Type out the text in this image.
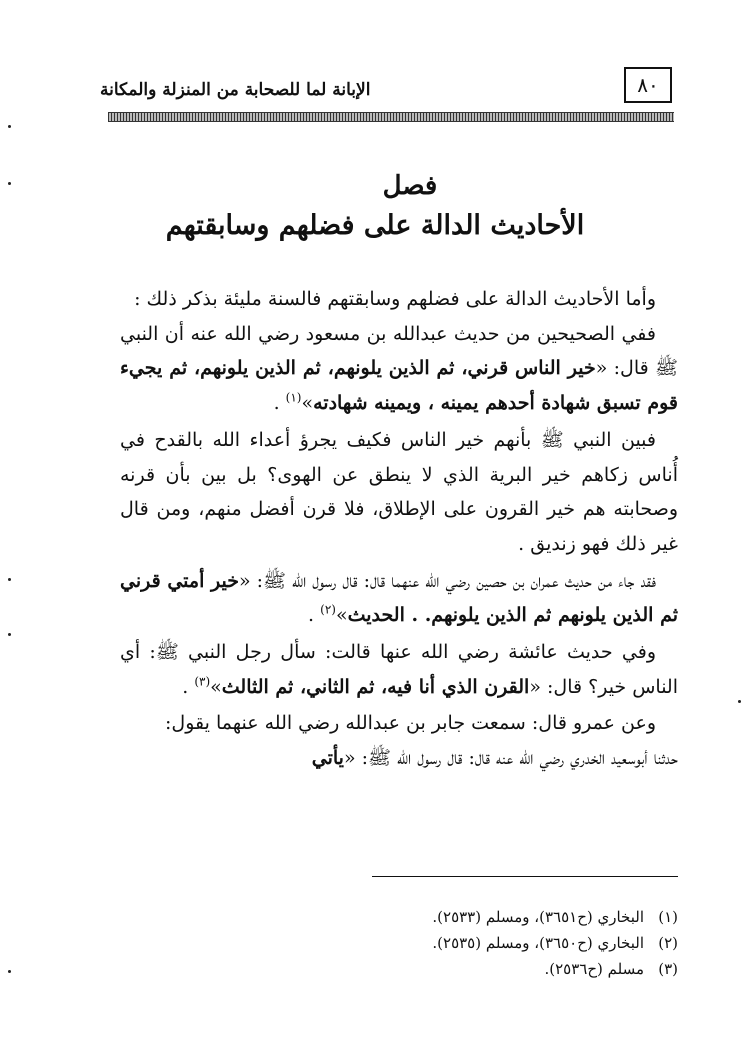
٨٠
الإبانة لما للصحابة من المنزلة والمكانة
فصل
الأحاديث الدالة على فضلهم وسابقتهم

وأما الأحاديث الدالة على فضلهم وسابقتهم فالسنة مليئة بذكر ذلك :

ففي الصحيحين من حديث عبدالله بن مسعود رضي الله عنه أن النبي ﷺ قال: «خير الناس قرني، ثم الذين يلونهم، ثم الذين يلونهم، ثم يجيء قوم تسبق شهادة أحدهم يمينه ، ويمينه شهادته»$^{(١)}$ .

فبين النبي ﷺ بأنهم خير الناس فكيف يجرؤ أعداء الله بالقدح في أُناس زكاهم خير البرية الذي لا ينطق عن الهوى؟ بل بين بأن قرنه وصحابته هم خير القرون على الإطلاق، فلا قرن أفضل منهم، ومن قال غير ذلك فهو زنديق .

فقد جاء من حديث عمران بن حصين رضي الله عنهما قال: قال رسول الله ﷺ: «خير أمتي قرني ثم الذين يلونهم ثم الذين يلونهم. . الحديث»$^{(٢)}$ .

وفي حديث عائشة رضي الله عنها قالت: سأل رجل النبي ﷺ: أي الناس خير؟ قال: «القرن الذي أنا فيه، ثم الثاني، ثم الثالث»$^{(٣)}$ .

وعن عمرو قال: سمعت جابر بن عبدالله رضي الله عنهما يقول:

حدثنا أبوسعيد الخدري رضي الله عنه قال: قال رسول الله ﷺ: «يأتي

(١)البخاري (ح٣٦٥١)، ومسلم (٢٥٣٣).
(٢)البخاري (ح٣٦٥٠)، ومسلم (٢٥٣٥).
(٣)مسلم (ح٢٥٣٦).
